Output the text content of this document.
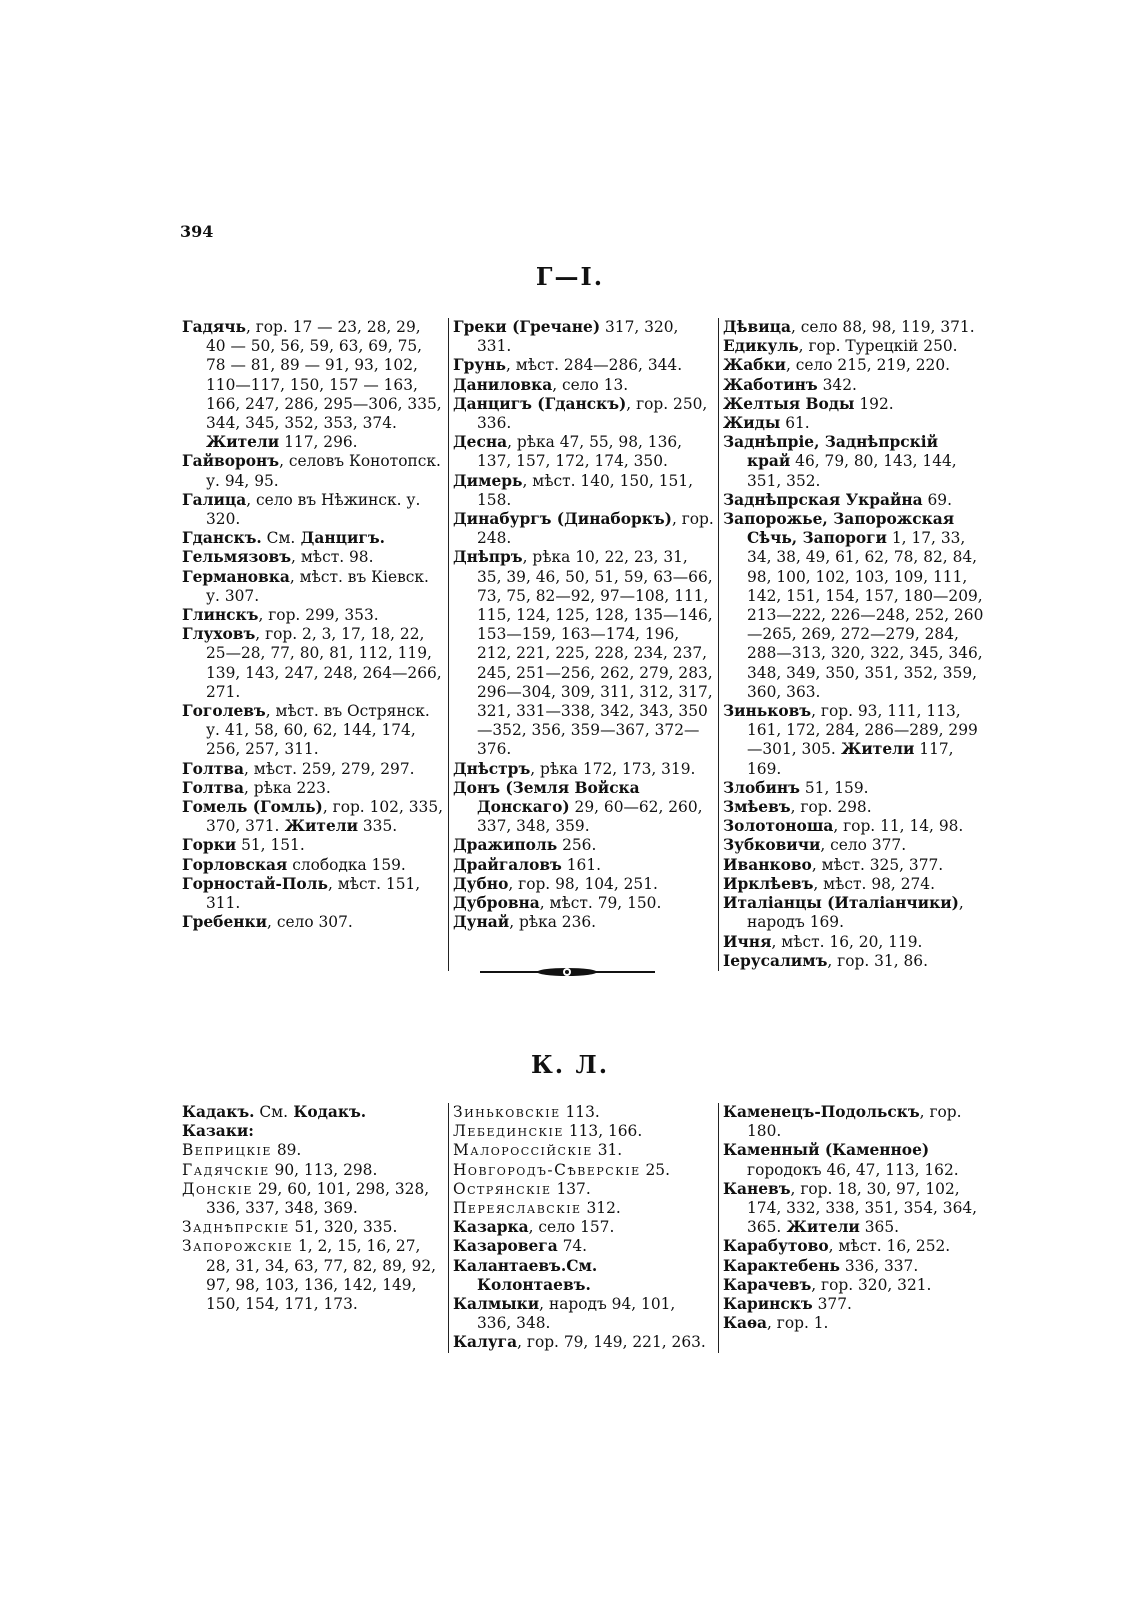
394
Г—I.
Гадячь, гор. 17 — 23, 28, 29, 40 — 50, 56, 59, 63, 69, 75, 78 — 81, 89 — 91, 93, 102, 110—117, 150, 157 — 163, 166, 247, 286, 295—306, 335, 344, 345, 352, 353, 374. Жители 117, 296.
Гайворонъ, селовъ Конотопск. у. 94, 95.
Галица, село въ Нѣжинск. у. 320.
Гданскъ. См. Данцигъ.
Гельмязовъ, мѣст. 98.
Германовка, мѣст. въ Кіевск. у. 307.
Глинскъ, гор. 299, 353.
Глуховъ, гор. 2, 3, 17, 18, 22, 25—28, 77, 80, 81, 112, 119, 139, 143, 247, 248, 264—266, 271.
Гоголевъ, мѣст. въ Острянск. у. 41, 58, 60, 62, 144, 174, 256, 257, 311.
Голтва, мѣст. 259, 279, 297.
Голтва, рѣка 223.
Гомель (Гомль), гор. 102, 335, 370, 371. Жители 335.
Горки 51, 151.
Горловская слободка 159.
Горностай-Поль, мѣст. 151, 311.
Гребенки, село 307.
Греки (Гречане) 317, 320, 331.
Грунь, мѣст. 284—286, 344.
Даниловка, село 13.
Данцигъ (Гданскъ), гор. 250, 336.
Десна, рѣка 47, 55, 98, 136, 137, 157, 172, 174, 350.
Димерь, мѣст. 140, 150, 151, 158.
Динабургъ (Динаборкъ), гор. 248.
Днѣпръ, рѣка 10, 22, 23, 31, 35, 39, 46, 50, 51, 59, 63—66, 73, 75, 82—92, 97—108, 111, 115, 124, 125, 128, 135—146, 153—159, 163—174, 196, 212, 221, 225, 228, 234, 237, 245, 251—256, 262, 279, 283, 296—304, 309, 311, 312, 317, 321, 331—338, 342, 343, 350—352, 356, 359—367, 372—376.
Днѣстръ, рѣка 172, 173, 319.
Донъ (Земля Войска Донскаго) 29, 60—62, 260, 337, 348, 359.
Дражиполь 256.
Драйгаловъ 161.
Дубно, гор. 98, 104, 251.
Дубровна, мѣст. 79, 150.
Дунай, рѣка 236.
Дѣвица, село 88, 98, 119, 371.
Едикуль, гор. Турецкій 250.
Жабки, село 215, 219, 220.
Жаботинъ 342.
Желтыя Воды 192.
Жиды 61.
Заднѣпріе, Заднѣпрскій край 46, 79, 80, 143, 144, 351, 352.
Заднѣпрская Украйна 69.
Запорожье, Запорожская Сѣчь, Запороги 1, 17, 33, 34, 38, 49, 61, 62, 78, 82, 84, 98, 100, 102, 103, 109, 111, 142, 151, 154, 157, 180—209, 213—222, 226—248, 252, 260—265, 269, 272—279, 284, 288—313, 320, 322, 345, 346, 348, 349, 350, 351, 352, 359, 360, 363.
Зиньковъ, гор. 93, 111, 113, 161, 172, 284, 286—289, 299—301, 305. Жители 117, 169.
Злобинъ 51, 159.
Змѣевъ, гор. 298.
Золотоноша, гор. 11, 14, 98.
Зубковичи, село 377.
Иванково, мѣст. 325, 377.
Ирклѣевъ, мѣст. 98, 274.
Италіанцы (Италіанчики), народъ 169.
Ичня, мѣст. 16, 20, 119.
Іерусалимъ, гор. 31, 86.
К. Л.
Кадакъ. См. Кодакъ.
Казаки:
Веприцкіе 89.
Гадячскіе 90, 113, 298.
Донскіе 29, 60, 101, 298, 328, 336, 337, 348, 369.
Заднѣпрскіе 51, 320, 335.
Запорожскіе 1, 2, 15, 16, 27, 28, 31, 34, 63, 77, 82, 89, 92, 97, 98, 103, 136, 142, 149, 150, 154, 171, 173.
Зиньковскіе 113.
Лебединскіе 113, 166.
Малороссійскіе 31.
Новгородъ-Сѣверскіе 25.
Острянскіе 137.
Переяславскіе 312.
Казарка, село 157.
Казаровега 74.
Калантаевъ.См. Колонтаевъ.
Калмыки, народъ 94, 101, 336, 348.
Калуга, гор. 79, 149, 221, 263.
Каменецъ-Подольскъ, гор. 180.
Каменный (Каменное) городокъ 46, 47, 113, 162.
Каневъ, гор. 18, 30, 97, 102, 174, 332, 338, 351, 354, 364, 365. Жители 365.
Карабутово, мѣст. 16, 252.
Карактебень 336, 337.
Карачевъ, гор. 320, 321.
Каринскъ 377.
Каѳа, гор. 1.
